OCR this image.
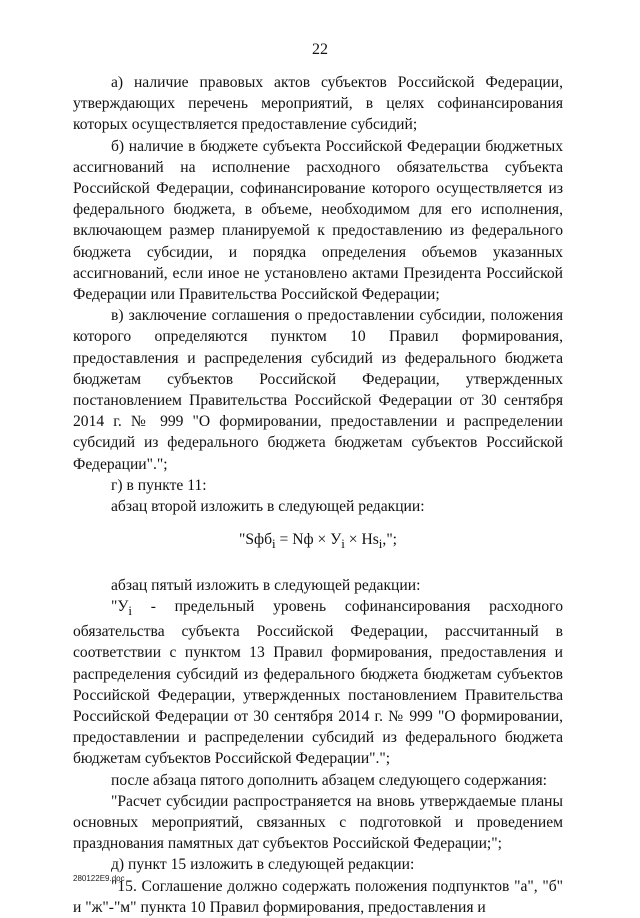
22

а) наличие правовых актов субъектов Российской Федерации, утверждающих перечень мероприятий, в целях софинансирования которых осуществляется предоставление субсидий;

б) наличие в бюджете субъекта Российской Федерации бюджетных ассигнований на исполнение расходного обязательства субъекта Российской Федерации, софинансирование которого осуществляется из федерального бюджета, в объеме, необходимом для его исполнения, включающем размер планируемой к предоставлению из федерального бюджета субсидии, и порядка определения объемов указанных ассигнований, если иное не установлено актами Президента Российской Федерации или Правительства Российской Федерации;

в) заключение соглашения о предоставлении субсидии, положения которого определяются пунктом 10 Правил формирования, предоставления и распределения субсидий из федерального бюджета бюджетам субъектов Российской Федерации, утвержденных постановлением Правительства Российской Федерации от 30 сентября 2014 г. № 999 "О формировании, предоставлении и распределении субсидий из федерального бюджета бюджетам субъектов Российской Федерации".";

г) в пункте 11:

абзац второй изложить в следующей редакции:

"Sфб$_i$ = Nф × $У_i \times Hs_i$,";

абзац пятый изложить в следующей редакции:

"$У_i$ - предельный уровень софинансирования расходного обязательства субъекта Российской Федерации, рассчитанный в соответствии с пунктом 13 Правил формирования, предоставления и распределения субсидий из федерального бюджета бюджетам субъектов Российской Федерации, утвержденных постановлением Правительства Российской Федерации от 30 сентября 2014 г. № 999 "О формировании, предоставлении и распределении субсидий из федерального бюджета бюджетам субъектов Российской Федерации".";

после абзаца пятого дополнить абзацем следующего содержания:

"Расчет субсидии распространяется на вновь утверждаемые планы основных мероприятий, связанных с подготовкой и проведением празднования памятных дат субъектов Российской Федерации;";

д) пункт 15 изложить в следующей редакции:

"15. Соглашение должно содержать положения подпунктов "а", "б" и "ж"-"м" пункта 10 Правил формирования, предоставления и

280122E9.doc
